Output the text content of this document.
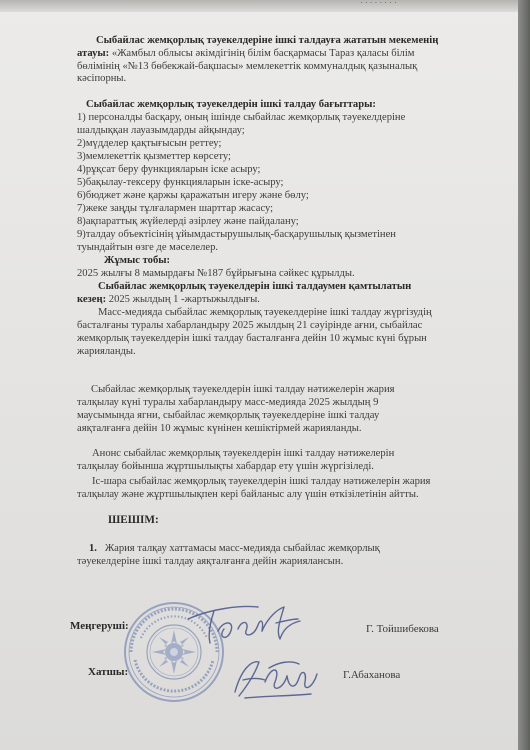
· · · · · · · ·
Сыбайлас жемқорлық тәуекелдеріне ішкі талдауға жататын мекеменің
атауы: «Жамбыл облысы әкімдігінің білім басқармасы Тараз қаласы білім
бөлімінің «№13 бөбекжай-бақшасы» мемлекеттік коммуналдық қазыналық
кәсіпорны.
Сыбайлас жемқорлық тәуекелдерін ішкі талдау бағыттары:
1) персоналды басқару, оның ішінде сыбайлас жемқорлық тәуекелдеріне
шалдыққан лауазымдарды айқындау;
2)мүдделер қақтығысын реттеу;
3)мемлекеттік қызметтер көрсету;
4)рұқсат беру функцияларын іске асыру;
5)бақылау-тексеру функцияларын іске-асыру;
6)бюджет және қаржы қаражатын игеру және бөлу;
7)жеке заңды тұлғалармен шарттар жасасу;
8)ақпараттық жүйелерді әзірлеу және пайдалану;
9)талдау объектісінің ұйымдастырушылық-басқарушылық қызметінен
туындайтын өзге де мәселелер.
Жұмыс тобы:
2025 жылғы 8 мамырдағы №187 бұйрығына сәйкес құрылды.
Сыбайлас жемқорлық тәуекелдерін ішкі талдаумен қамтылатын
кезең: 2025 жылдың 1 -жартыжылдығы.
Масс-медияда сыбайлас жемқорлық тәуекелдеріне ішкі талдау жүргізудің
басталғаны туралы хабарландыру 2025 жылдың 21 сәуірінде ағни, сыбайлас
жемқорлық тәуекелдерін ішкі талдау басталғанға дейін 10 жұмыс күні бұрын
жарияланды.
Сыбайлас жемқорлық тәуекелдерін ішкі талдау нәтижелерін жария
талқылау күні туралы хабарландыру масс-медияда 2025 жылдың 9
маусымында ягни, сыбайлас жемқорлық тәуекелдеріне ішкі талдау
аяқталғанға дейін 10 жұмыс күнінен кешіктірмей жарияланды.
Анонс сыбайлас жемқорлық тәуекелдерін ішкі талдау нәтижелерін
талқылау бойынша жұртшылықты хабардар ету үшін жүргізіледі.
Іс-шара сыбайлас жемқорлық тәуекелдерін ішкі талдау нәтижелерін жария
талқылау және жұртшылықпен кері байланыс алу үшін өткізілетінін айтты.
ШЕШІМ:
1. Жария талқау хаттамасы масс-медияда сыбайлас жемқорлық
тәуекелдеріне ішкі талдау аяқталғанға дейін жариялансын.
Меңгеруші:	Г. Тойшибекова
Хатшы:	Г.Абаханова
